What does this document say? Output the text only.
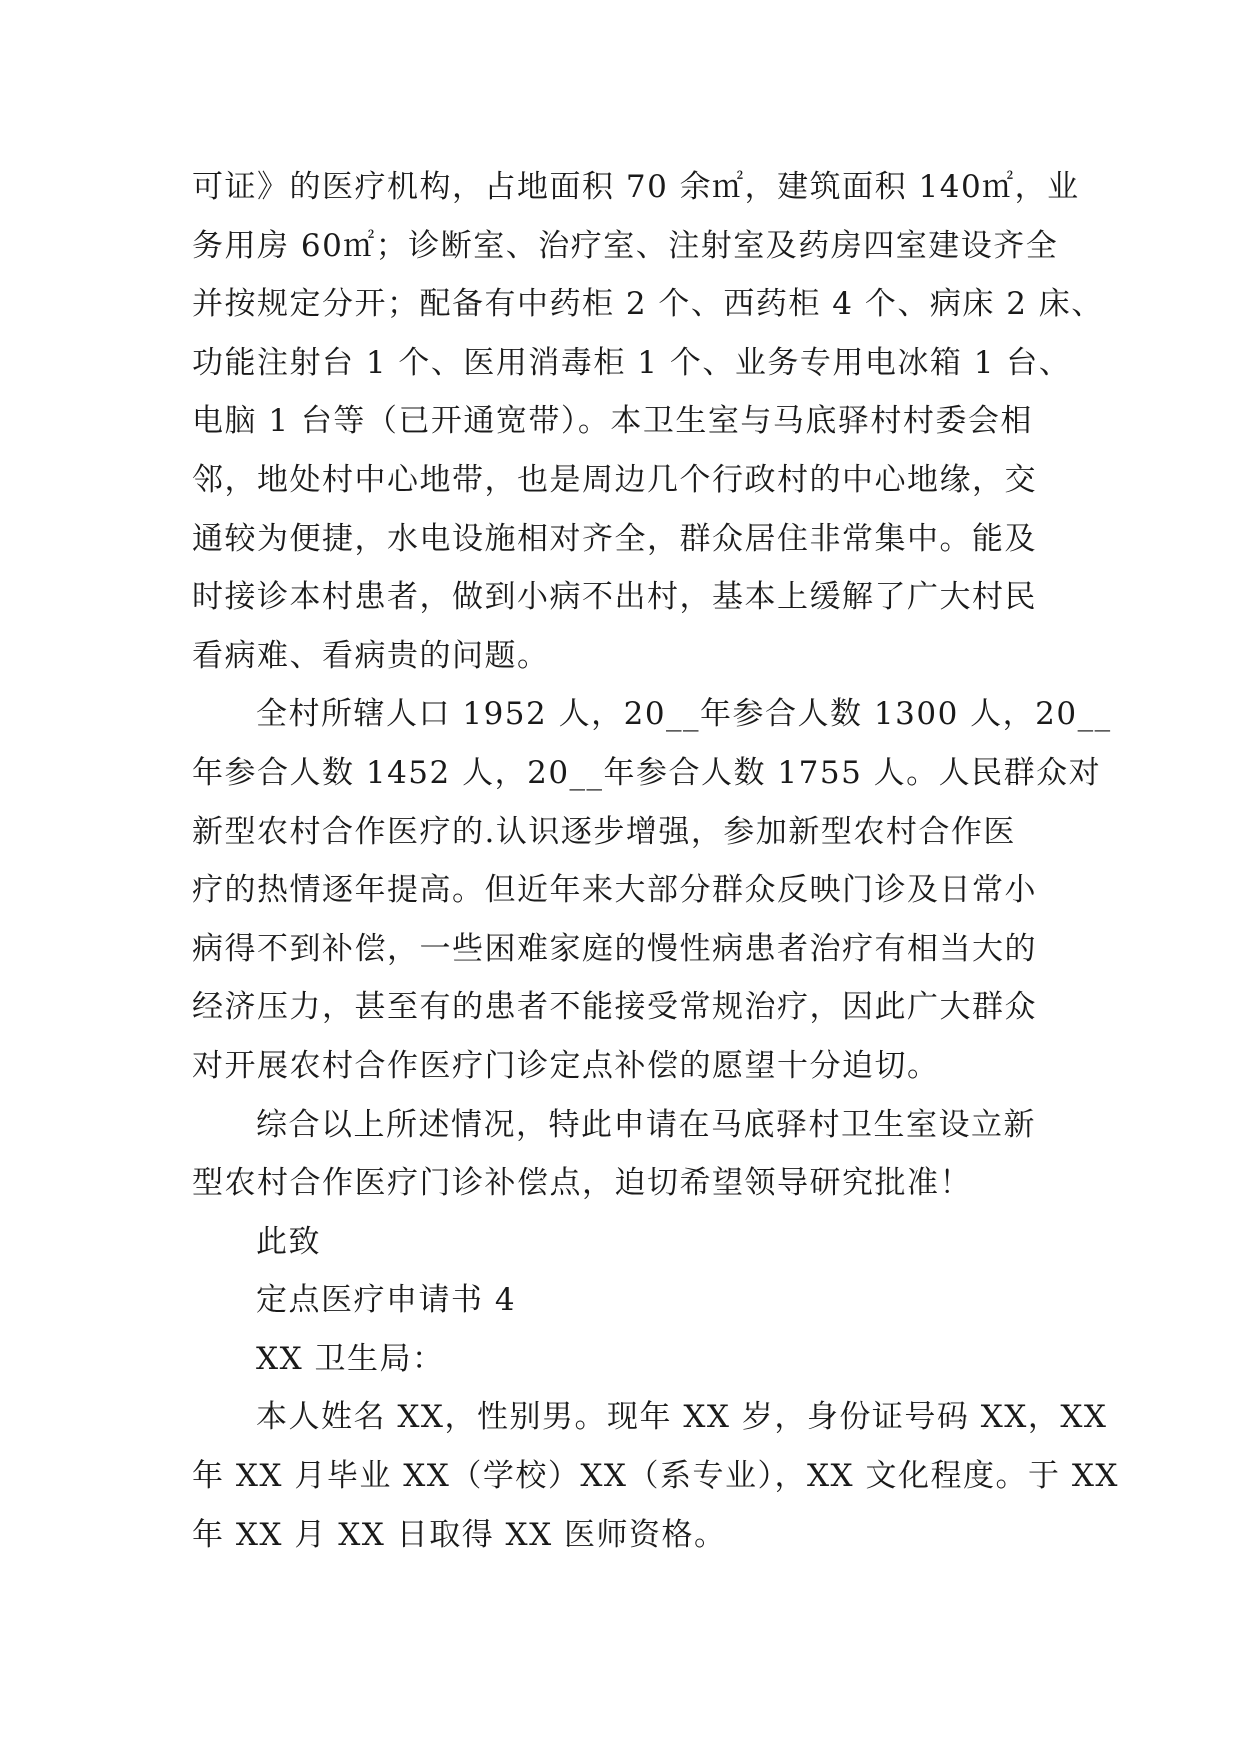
可证》的医疗机构，占地面积 70 余㎡，建筑面积 140㎡，业
务用房 60㎡；诊断室、治疗室、注射室及药房四室建设齐全
并按规定分开；配备有中药柜 2 个、西药柜 4 个、病床 2 床、
功能注射台 1 个、医用消毒柜 1 个、业务专用电冰箱 1 台、
电脑 1 台等（已开通宽带）。本卫生室与马底驿村村委会相
邻，地处村中心地带，也是周边几个行政村的中心地缘，交
通较为便捷，水电设施相对齐全，群众居住非常集中。能及
时接诊本村患者，做到小病不出村，基本上缓解了广大村民
看病难、看病贵的问题。
全村所辖人口 1952 人，20__年参合人数 1300 人，20__
年参合人数 1452 人，20__年参合人数 1755 人。人民群众对
新型农村合作医疗的.认识逐步增强，参加新型农村合作医
疗的热情逐年提高。但近年来大部分群众反映门诊及日常小
病得不到补偿，一些困难家庭的慢性病患者治疗有相当大的
经济压力，甚至有的患者不能接受常规治疗，因此广大群众
对开展农村合作医疗门诊定点补偿的愿望十分迫切。
综合以上所述情况，特此申请在马底驿村卫生室设立新
型农村合作医疗门诊补偿点，迫切希望领导研究批准！
此致
定点医疗申请书 4
XX 卫生局：
本人姓名 XX，性别男。现年 XX 岁，身份证号码 XX，XX
年 XX 月毕业 XX（学校）XX（系专业），XX 文化程度。于 XX
年 XX 月 XX 日取得 XX 医师资格。
